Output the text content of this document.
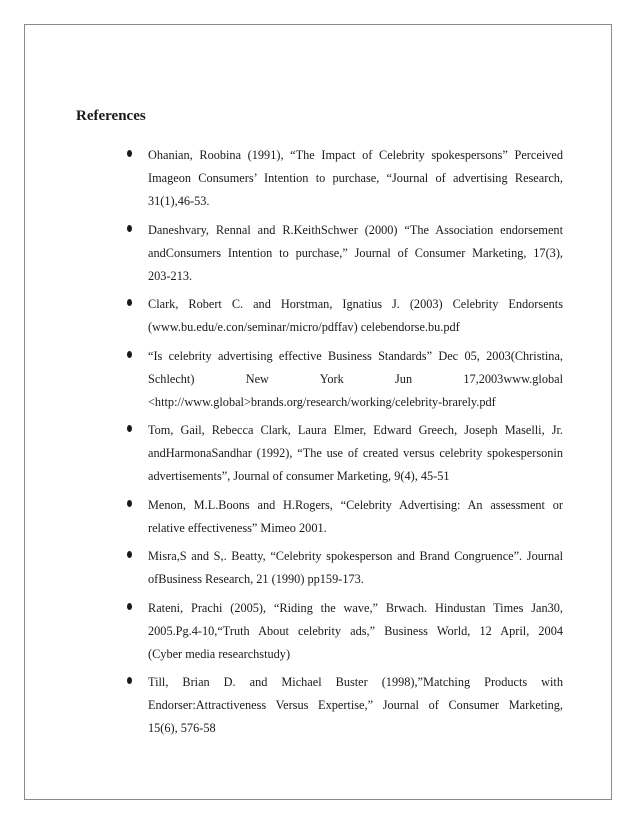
References
Ohanian, Roobina (1991), “The Impact of Celebrity spokespersons” Perceived
Imageon Consumers’ Intention to purchase, “Journal of advertising Research,
31(1),46-53.
Daneshvary, Rennal and R.KeithSchwer (2000) “The Association endorsement
andConsumers Intention to purchase,” Journal of Consumer Marketing, 17(3),
203-213.
Clark, Robert C. and Horstman, Ignatius J. (2003) Celebrity Endorsents
(www.bu.edu/e.con/seminar/micro/pdffav) celebendorse.bu.pdf
“Is celebrity advertising effective Business Standards” Dec 05, 2003(Christina,
Schlecht) New York Jun 17,2003www.global
<http://www.global>brands.org/research/working/celebrity-brarely.pdf
Tom, Gail, Rebecca Clark, Laura Elmer, Edward Greech, Joseph Maselli, Jr.
andHarmonaSandhar (1992), “The use of created versus celebrity spokespersonin
advertisements”, Journal of consumer Marketing, 9(4), 45-51
Menon, M.L.Boons and H.Rogers, “Celebrity Advertising: An assessment or
relative effectiveness” Mimeo 2001.
Misra,S and S,. Beatty, “Celebrity spokesperson and Brand Congruence”. Journal
ofBusiness Research, 21 (1990) pp159-173.
Rateni, Prachi (2005), “Riding the wave,” Brwach. Hindustan Times Jan30,
2005.Pg.4-10,“Truth About celebrity ads,” Business World, 12 April, 2004
(Cyber media researchstudy)
Till, Brian D. and Michael Buster (1998),”Matching Products with
Endorser:Attractiveness Versus Expertise,” Journal of Consumer Marketing,
15(6), 576-58
